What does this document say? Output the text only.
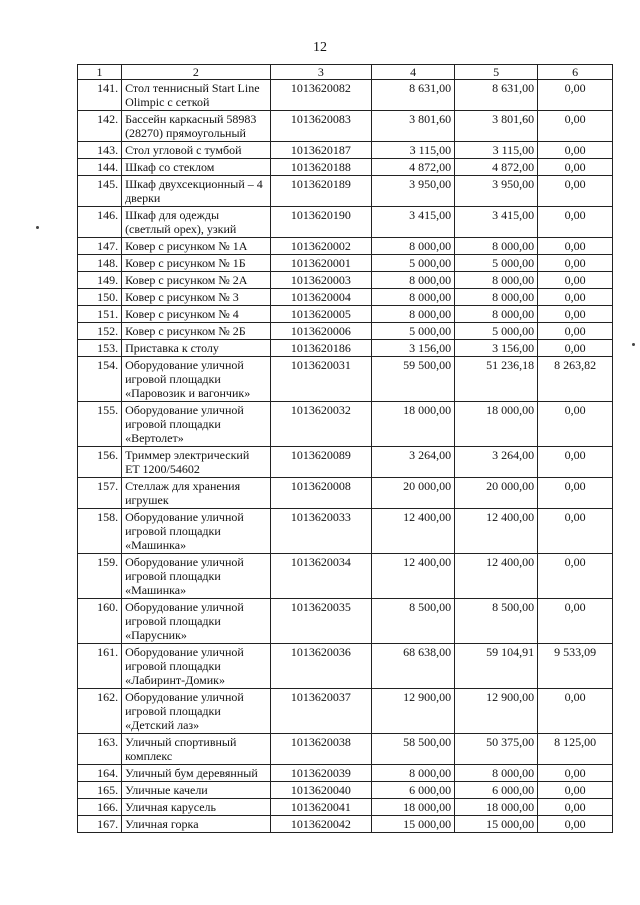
12
1	2	3	4	5	6
141.	Стол теннисный Start Line Olimpic с сеткой	1013620082	8 631,00	8 631,00	0,00
142.	Бассейн каркасный 58983 (28270) прямоугольный	1013620083	3 801,60	3 801,60	0,00
143.	Стол угловой с тумбой	1013620187	3 115,00	3 115,00	0,00
144.	Шкаф со стеклом	1013620188	4 872,00	4 872,00	0,00
145.	Шкаф двухсекционный – 4 дверки	1013620189	3 950,00	3 950,00	0,00
146.	Шкаф для одежды (светлый орех), узкий	1013620190	3 415,00	3 415,00	0,00
147.	Ковер с рисунком № 1А	1013620002	8 000,00	8 000,00	0,00
148.	Ковер с рисунком № 1Б	1013620001	5 000,00	5 000,00	0,00
149.	Ковер с рисунком № 2А	1013620003	8 000,00	8 000,00	0,00
150.	Ковер с рисунком № 3	1013620004	8 000,00	8 000,00	0,00
151.	Ковер с рисунком № 4	1013620005	8 000,00	8 000,00	0,00
152.	Ковер с рисунком № 2Б	1013620006	5 000,00	5 000,00	0,00
153.	Приставка к столу	1013620186	3 156,00	3 156,00	0,00
154.	Оборудование уличной игровой площадки «Паровозик и вагончик»	1013620031	59 500,00	51 236,18	8 263,82
155.	Оборудование уличной игровой площадки «Вертолет»	1013620032	18 000,00	18 000,00	0,00
156.	Триммер электрический ET 1200/54602	1013620089	3 264,00	3 264,00	0,00
157.	Стеллаж для хранения игрушек	1013620008	20 000,00	20 000,00	0,00
158.	Оборудование уличной игровой площадки «Машинка»	1013620033	12 400,00	12 400,00	0,00
159.	Оборудование уличной игровой площадки «Машинка»	1013620034	12 400,00	12 400,00	0,00
160.	Оборудование уличной игровой площадки «Парусник»	1013620035	8 500,00	8 500,00	0,00
161.	Оборудование уличной игровой площадки «Лабиринт-Домик»	1013620036	68 638,00	59 104,91	9 533,09
162.	Оборудование уличной игровой площадки «Детский лаз»	1013620037	12 900,00	12 900,00	0,00
163.	Уличный спортивный комплекс	1013620038	58 500,00	50 375,00	8 125,00
164.	Уличный бум деревянный	1013620039	8 000,00	8 000,00	0,00
165.	Уличные качели	1013620040	6 000,00	6 000,00	0,00
166.	Уличная карусель	1013620041	18 000,00	18 000,00	0,00
167.	Уличная горка	1013620042	15 000,00	15 000,00	0,00
